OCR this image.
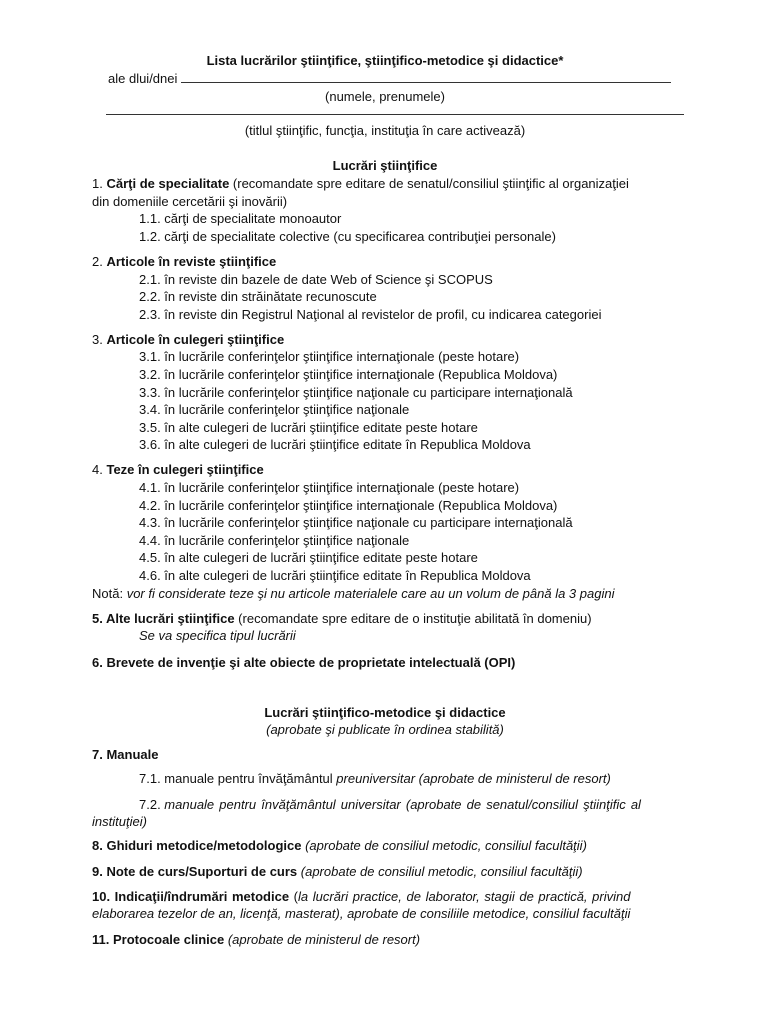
Lista lucrărilor ştiinţifice, ştiinţifico-metodice şi didactice*
ale dlui/dnei
(numele, prenumele)
(titlul ştiinţific, funcţia, instituţia în care activează)
Lucrări ştiinţifice
1. Cărţi de specialitate (recomandate spre editare de senatul/consiliul ştiinţific al organizaţiei
din domeniile cercetării şi inovării)
1.1. cărţi de specialitate monoautor
1.2. cărţi de specialitate colective (cu specificarea contribuţiei personale)
2. Articole în reviste ştiinţifice
2.1. în reviste din bazele de date Web of Science şi SCOPUS
2.2. în reviste din străinătate recunoscute
2.3. în reviste din Registrul Naţional al revistelor de profil, cu indicarea categoriei
3. Articole în culegeri ştiinţifice
3.1. în lucrările conferinţelor ştiinţifice internaţionale (peste hotare)
3.2. în lucrările conferinţelor ştiinţifice internaţionale (Republica Moldova)
3.3. în lucrările conferinţelor ştiinţifice naţionale cu participare internaţională
3.4. în lucrările conferinţelor ştiinţifice naţionale
3.5. în alte culegeri de lucrări ştiinţifice editate peste hotare
3.6. în alte culegeri de lucrări ştiinţifice editate în Republica Moldova
4. Teze în culegeri ştiinţifice
4.1. în lucrările conferinţelor ştiinţifice internaţionale (peste hotare)
4.2. în lucrările conferinţelor ştiinţifice internaţionale (Republica Moldova)
4.3. în lucrările conferinţelor ştiinţifice naţionale cu participare internaţională
4.4. în lucrările conferinţelor ştiinţifice naţionale
4.5. în alte culegeri de lucrări ştiinţifice editate peste hotare
4.6. în alte culegeri de lucrări ştiinţifice editate în Republica Moldova
Notă: vor fi considerate teze şi nu articole materialele care au un volum de până la 3 pagini
5. Alte lucrări ştiinţifice (recomandate spre editare de o instituţie abilitată în domeniu)
Se va specifica tipul lucrării
6. Brevete de invenţie şi alte obiecte de proprietate intelectuală (OPI)
Lucrări ştiinţifico-metodice şi didactice
(aprobate şi publicate în ordinea stabilită)
7. Manuale
7.1. manuale pentru învăţământul preuniversitar (aprobate de ministerul de resort)
7.2. manuale pentru învăţământul universitar (aprobate de senatul/consiliul ştiinţific al
instituţiei)
8. Ghiduri metodice/metodologice (aprobate de consiliul metodic, consiliul facultăţii)
9. Note de curs/Suporturi de curs (aprobate de consiliul metodic, consiliul facultăţii)
10. Indicaţii/îndrumări metodice (la lucrări practice, de laborator, stagii de practică, privind
elaborarea tezelor de an, licenţă, masterat), aprobate de consiliile metodice, consiliul facultăţii
11. Protocoale clinice (aprobate de ministerul de resort)
